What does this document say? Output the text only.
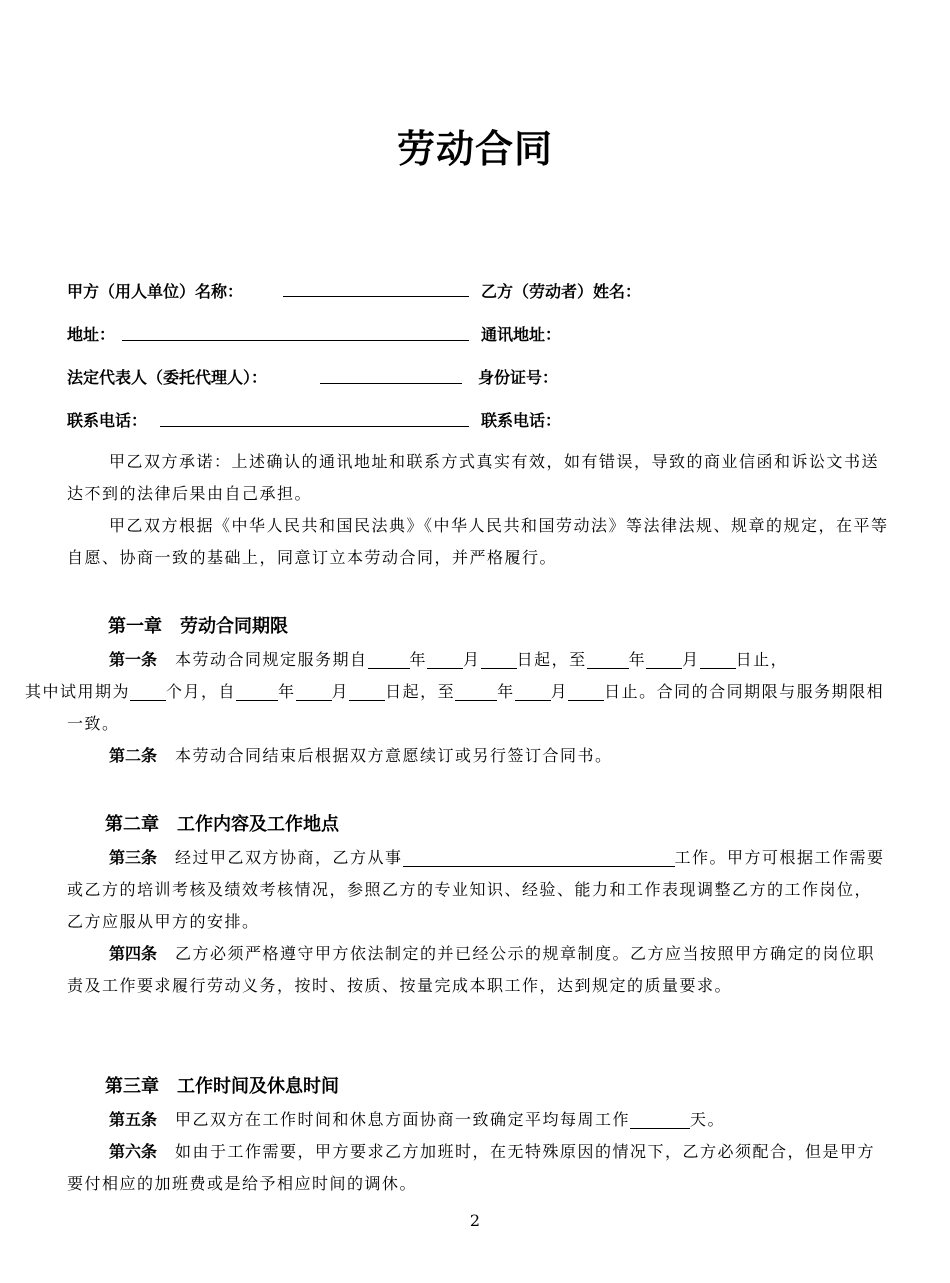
劳动合同
甲方（用人单位）名称：	乙方（劳动者）姓名：
地址：	通讯地址：
法定代表人（委托代理人）：	身份证号：
联系电话：	联系电话：
甲乙双方承诺：上述确认的通讯地址和联系方式真实有效，如有错误，导致的商业信函和诉讼文书送达不到的法律后果由自己承担。
甲乙双方根据《中华人民共和国民法典》《中华人民共和国劳动法》等法律法规、规章的规定，在平等自愿、协商一致的基础上，同意订立本劳动合同，并严格履行。
第一章　劳动合同期限
第一条 本劳动合同规定服务期自	年 月 日起，至	年 月 日止，
其中试用期为 个月，自	年 月 日起，至	年 月 日止。合同的合同期限与服务期限相一致。
第二条 本劳动合同结束后根据双方意愿续订或另行签订合同书。
第二章　工作内容及工作地点
第三条 经过甲乙双方协商，乙方从事	工作。甲方可根据工作需要或乙方的培训考核及绩效考核情况，参照乙方的专业知识、经验、能力和工作表现调整乙方的工作岗位，乙方应服从甲方的安排。
第四条 乙方必须严格遵守甲方依法制定的并已经公示的规章制度。乙方应当按照甲方确定的岗位职责及工作要求履行劳动义务，按时、按质、按量完成本职工作，达到规定的质量要求。
第三章　工作时间及休息时间
第五条 甲乙双方在工作时间和休息方面协商一致确定平均每周工作	天。
第六条 如由于工作需要，甲方要求乙方加班时，在无特殊原因的情况下，乙方必须配合，但是甲方要付相应的加班费或是给予相应时间的调休。
2
